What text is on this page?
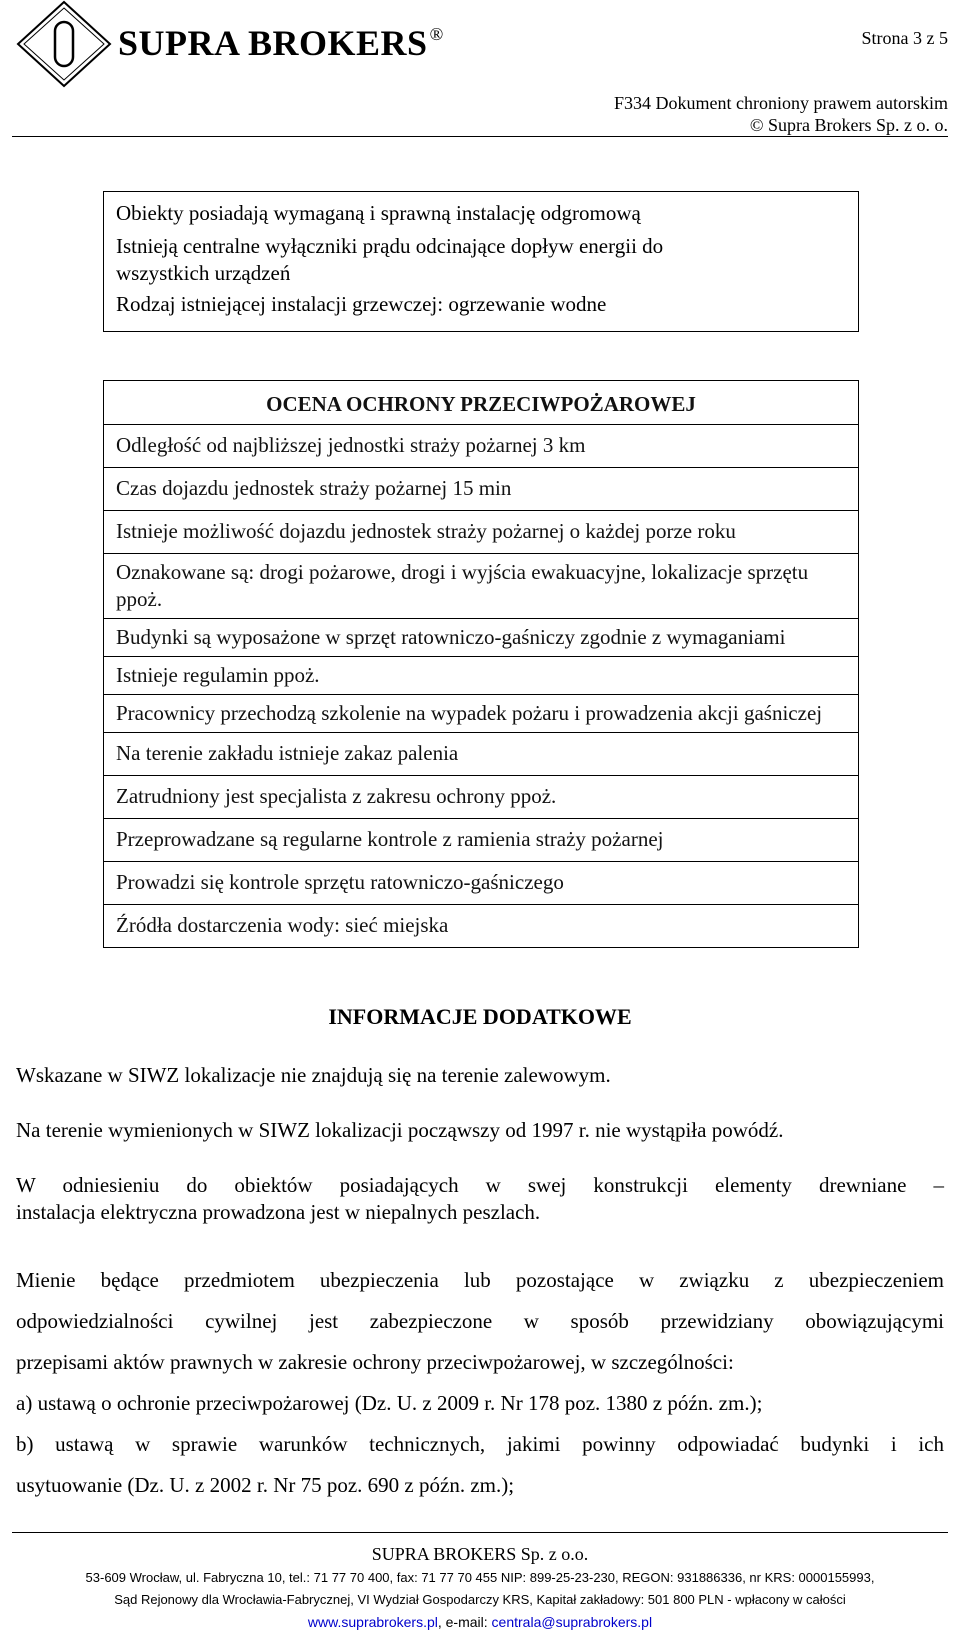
SUPRA BROKERS ®	Strona 3 z 5
F334 Dokument chroniony prawem autorskim
© Supra Brokers Sp. z o. o.
Obiekty posiadają wymaganą i sprawną instalację odgromową
Istnieją centralne wyłączniki prądu odcinające dopływ energii do
wszystkich urządzeń
Rodzaj istniejącej instalacji grzewczej: ogrzewanie wodne
OCENA OCHRONY PRZECIWPOŻAROWEJ
Odległość od najbliższej jednostki straży pożarnej 3 km
Czas dojazdu jednostek straży pożarnej 15 min
Istnieje możliwość dojazdu jednostek straży pożarnej o każdej porze roku
Oznakowane są: drogi pożarowe, drogi i wyjścia ewakuacyjne, lokalizacje sprzętu ppoż.
Budynki są wyposażone w sprzęt ratowniczo-gaśniczy zgodnie z wymaganiami
Istnieje regulamin ppoż.
Pracownicy przechodzą szkolenie na wypadek pożaru i prowadzenia akcji gaśniczej
Na terenie zakładu istnieje zakaz palenia
Zatrudniony jest specjalista z zakresu ochrony ppoż.
Przeprowadzane są regularne kontrole z ramienia straży pożarnej
Prowadzi się kontrole sprzętu ratowniczo-gaśniczego
Źródła dostarczenia wody: sieć miejska
INFORMACJE DODATKOWE
Wskazane w SIWZ lokalizacje nie znajdują się na terenie zalewowym.
Na terenie wymienionych w SIWZ lokalizacji począwszy od 1997 r. nie wystąpiła powódź.
W odniesieniu do obiektów posiadających w swej konstrukcji elementy drewniane –
instalacja elektryczna prowadzona jest w niepalnych peszlach.
Mienie będące przedmiotem ubezpieczenia lub pozostające w związku z ubezpieczeniem
odpowiedzialności cywilnej jest zabezpieczone w sposób przewidziany obowiązującymi
przepisami aktów prawnych w zakresie ochrony przeciwpożarowej, w szczególności:
a) ustawą o ochronie przeciwpożarowej (Dz. U. z 2009 r. Nr 178 poz. 1380 z późn. zm.);
b) ustawą w sprawie warunków technicznych, jakimi powinny odpowiadać budynki i ich
usytuowanie (Dz. U. z 2002 r. Nr 75 poz. 690 z późn. zm.);
SUPRA BROKERS Sp. z o.o.
53-609 Wrocław, ul. Fabryczna 10, tel.: 71 77 70 400, fax: 71 77 70 455 NIP: 899-25-23-230, REGON: 931886336, nr KRS: 0000155993,
Sąd Rejonowy dla Wrocławia-Fabrycznej, VI Wydział Gospodarczy KRS, Kapitał zakładowy: 501 800 PLN - wpłacony w całości
www.suprabrokers.pl, e-mail: centrala@suprabrokers.pl
